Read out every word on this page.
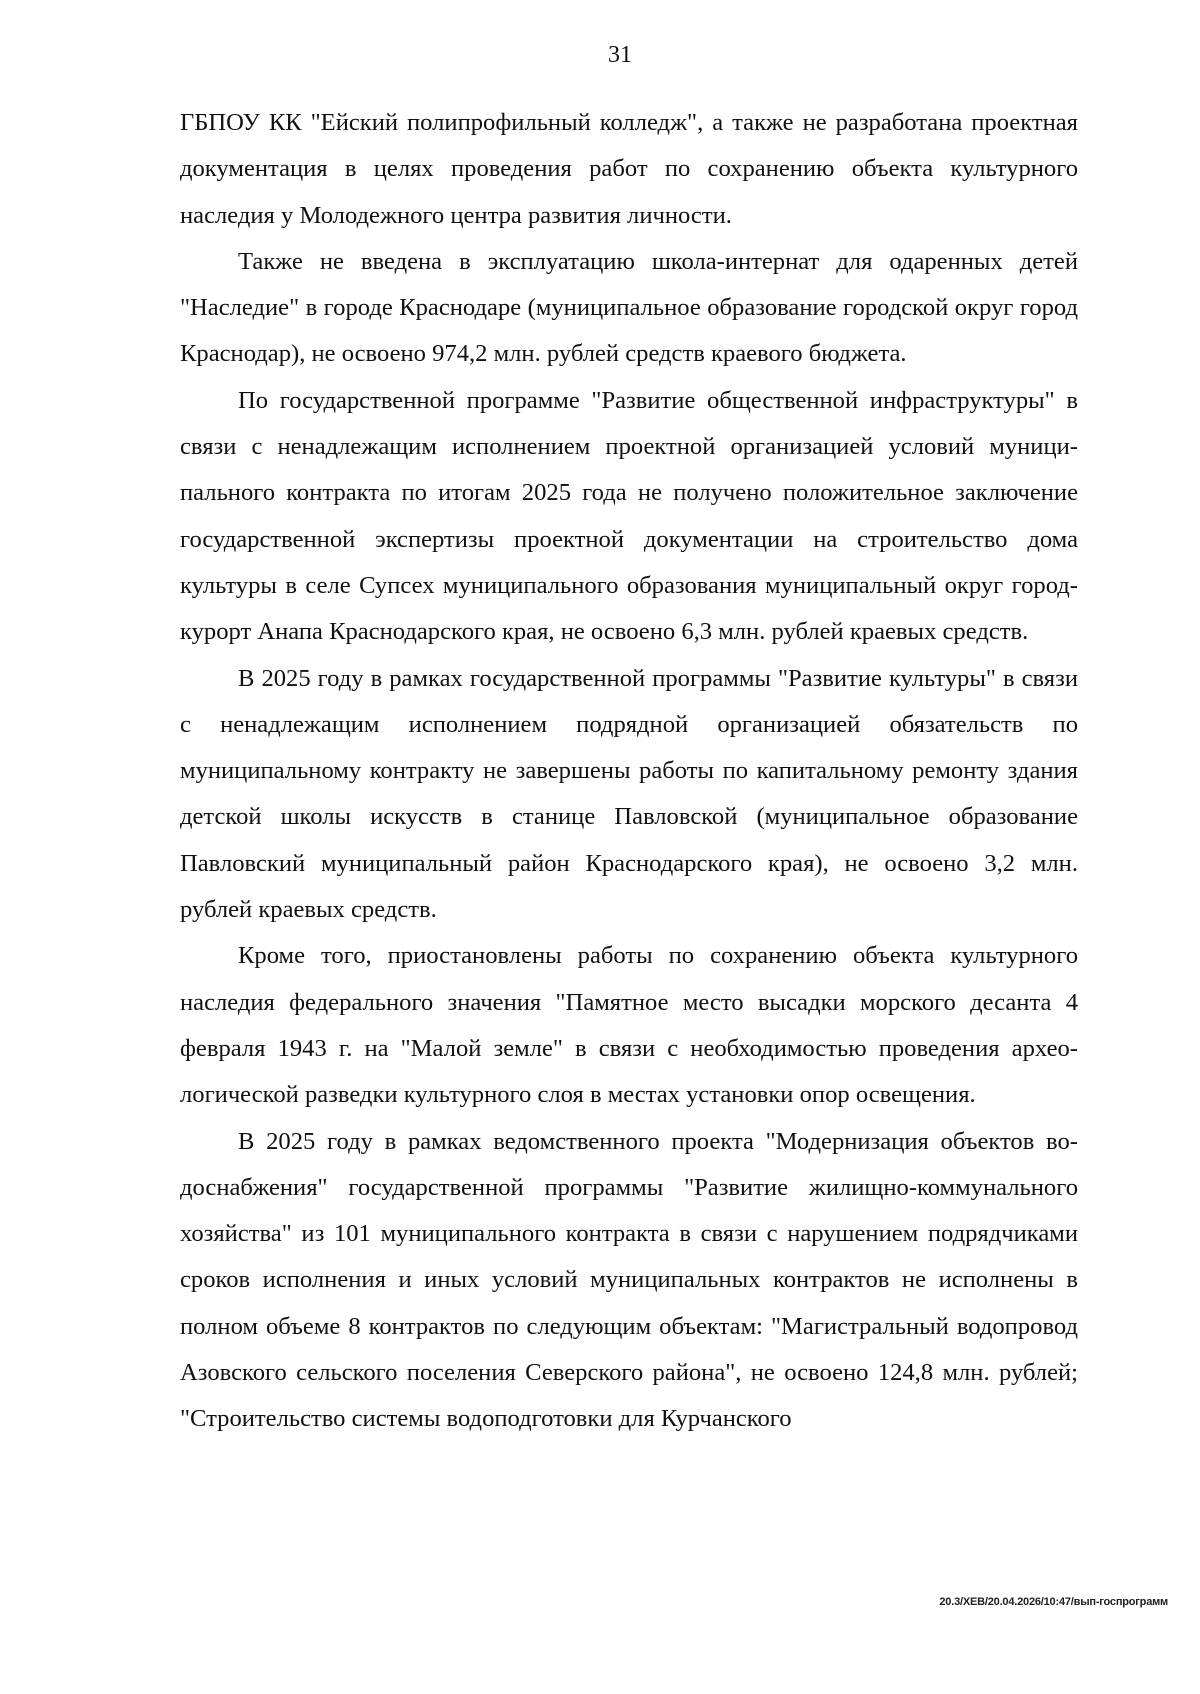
31

ГБПОУ КК "Ейский полипрофильный колледж", а также не разработана проектная документация в целях проведения работ по сохранению объекта культурного наследия у Молодежного центра развития личности.

Также не введена в эксплуатацию школа-интернат для одаренных детей "Наследие" в городе Краснодаре (муниципальное образование городской округ город Краснодар), не освоено 974,2 млн. рублей средств краевого бюджета.

По государственной программе "Развитие общественной инфраструктуры" в связи с ненадлежащим исполнением проектной организацией условий муниципального контракта по итогам 2025 года не получено положительное заключение государственной экспертизы проектной документации на строительство дома культуры в селе Супсех муниципального образования муниципальный округ город-курорт Анапа Краснодарского края, не освоено 6,3 млн. рублей краевых средств.

В 2025 году в рамках государственной программы "Развитие культуры" в связи с ненадлежащим исполнением подрядной организацией обязательств по муниципальному контракту не завершены работы по капитальному ремонту здания детской школы искусств в станице Павловской (муниципальное образование Павловский муниципальный район Краснодарского края), не освоено 3,2 млн. рублей краевых средств.

Кроме того, приостановлены работы по сохранению объекта культурного наследия федерального значения "Памятное место высадки морского десанта 4 февраля 1943 г. на "Малой земле" в связи с необходимостью проведения археологической разведки культурного слоя в местах установки опор освещения.

В 2025 году в рамках ведомственного проекта "Модернизация объектов водоснабжения" государственной программы "Развитие жилищно-коммунального хозяйства" из 101 муниципального контракта в связи с нарушением подрядчиками сроков исполнения и иных условий муниципальных контрактов не исполнены в полном объеме 8 контрактов по следующим объектам: "Магистральный водопровод Азовского сельского поселения Северского района", не освоено 124,8 млн. рублей; "Строительство системы водоподготовки для Курчанского

20.3/ХЕВ/20.04.2026/10:47/вып-госпрограмм
